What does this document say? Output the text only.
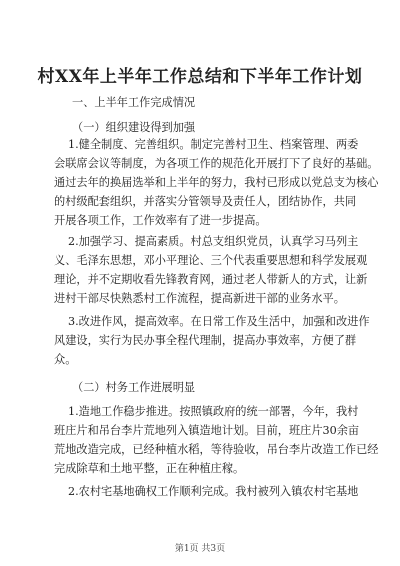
村XX年上半年工作总结和下半年工作计划
一、上半年工作完成情况
（一）组织建设得到加强
1.健全制度、完善组织。制定完善村卫生、档案管理、两委
会联席会议等制度，为各项工作的规范化开展打下了良好的基础。
通过去年的换届选举和上半年的努力，我村已形成以党总支为核心
的村级配套组织，并落实分管领导及责任人，团结协作，共同
开展各项工作，工作效率有了进一步提高。
2.加强学习、提高素质。村总支组织党员，认真学习马列主
义、毛泽东思想，邓小平理论、三个代表重要思想和科学发展观
理论，并不定期收看先锋教育网，通过老人带新人的方式，让新
进村干部尽快熟悉村工作流程，提高新进干部的业务水平。
3.改进作风，提高效率。在日常工作及生活中，加强和改进作
风建设，实行为民办事全程代理制，提高办事效率，方便了群
众。
（二）村务工作进展明显
1.造地工作稳步推进。按照镇政府的统一部署，今年，我村
班庄片和吊台李片荒地列入镇造地计划。目前，班庄片30余亩
荒地改造完成，已经种植水稻，等待验收，吊台李片改造工作已经
完成除草和土地平整，正在种植庄稼。
2.农村宅基地确权工作顺利完成。我村被列入镇农村宅基地
第1页 共3页
